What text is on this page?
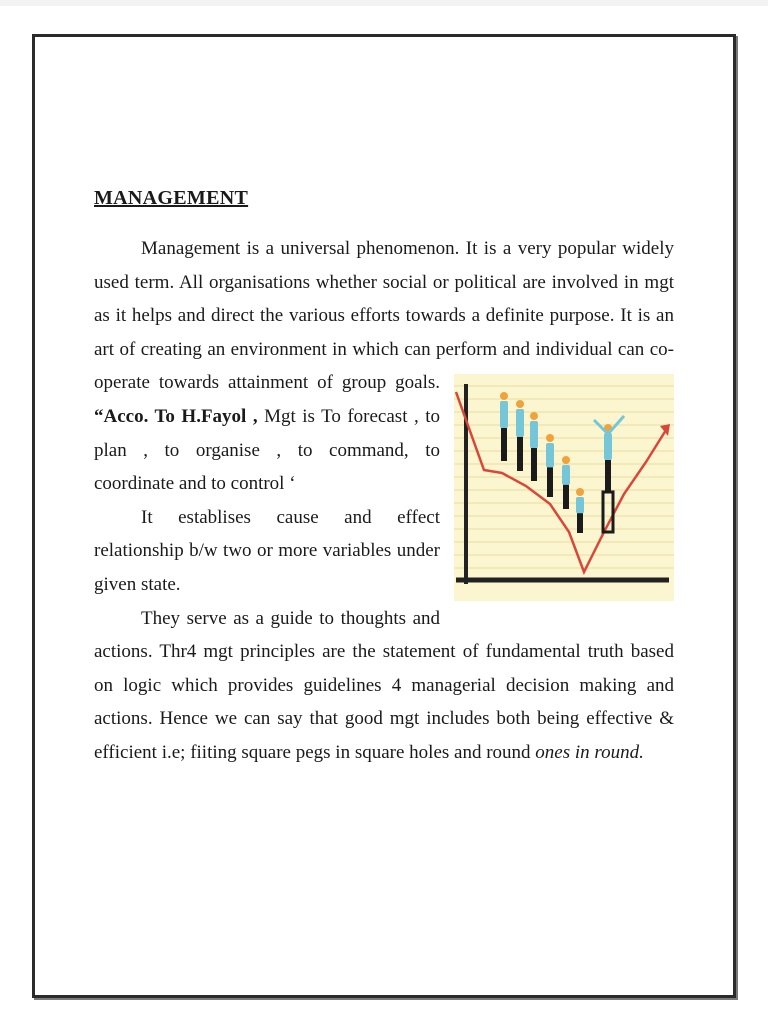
MANAGEMENT

Management is a universal phenomenon. It is a very popular widely used term. All organisations whether social or political are involved in mgt as it helps and direct the various efforts towards a definite purpose. It is an art of creating an environment in which can perform and individual can co-operate towards attainment of group goals.
“Acco. To H.Fayol , Mgt is To forecast , to plan , to organise , to command, to coordinate and to control ‘

It establises cause and effect relationship b/w two or more variables under given state.

They serve as a guide to thoughts and actions. Thr4 mgt principles are the statement of fundamental truth based on logic which provides guidelines 4 managerial decision making and actions. Hence we can say that good mgt includes both being effective & efficient i.e; fiiting square pegs in square holes and round ones in round.
